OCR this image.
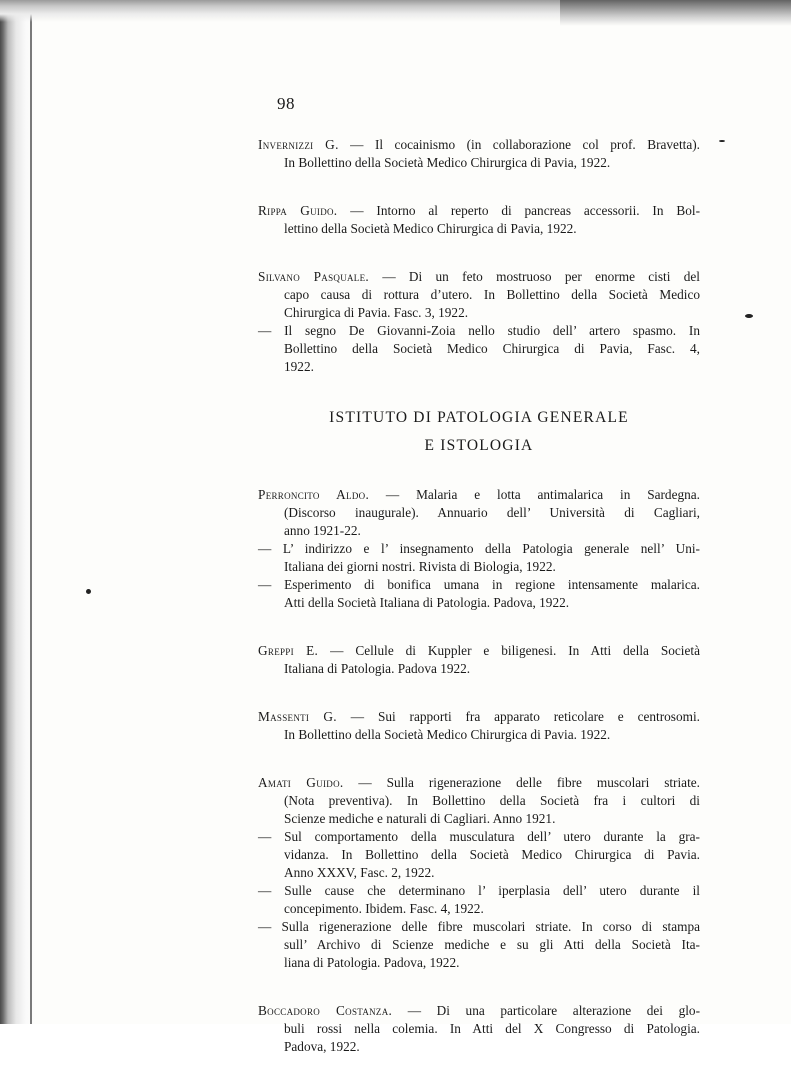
98
Invernizzi G. — Il cocainismo (in collaborazione col prof. Bravetta).
In Bollettino della Società Medico Chirurgica di Pavia, 1922.
Rippa Guido. — Intorno al reperto di pancreas accessorii. In Bol-
lettino della Società Medico Chirurgica di Pavia, 1922.
Silvano Pasquale. — Di un feto mostruoso per enorme cisti del
capo causa di rottura d’utero. In Bollettino della Società Medico
Chirurgica di Pavia. Fasc. 3, 1922.
— Il segno De Giovanni-Zoia nello studio dell’ artero spasmo. In
Bollettino della Società Medico Chirurgica di Pavia, Fasc. 4,
1922.
ISTITUTO DI PATOLOGIA GENERALE
E ISTOLOGIA
Perroncito Aldo. — Malaria e lotta antimalarica in Sardegna.
(Discorso inaugurale). Annuario dell’ Università di Cagliari,
anno 1921-22.
— L’ indirizzo e l’ insegnamento della Patologia generale nell’ Uni-
Italiana dei giorni nostri. Rivista di Biologia, 1922.
— Esperimento di bonifica umana in regione intensamente malarica.
Atti della Società Italiana di Patologia. Padova, 1922.
Greppi E. — Cellule di Kuppler e biligenesi. In Atti della Società
Italiana di Patologia. Padova 1922.
Massenti G. — Sui rapporti fra apparato reticolare e centrosomi.
In Bollettino della Società Medico Chirurgica di Pavia. 1922.
Amati Guido. — Sulla rigenerazione delle fibre muscolari striate.
(Nota preventiva). In Bollettino della Società fra i cultori di
Scienze mediche e naturali di Cagliari. Anno 1921.
— Sul comportamento della musculatura dell’ utero durante la gra-
vidanza. In Bollettino della Società Medico Chirurgica di Pavia.
Anno XXXV, Fasc. 2, 1922.
— Sulle cause che determinano l’ iperplasia dell’ utero durante il
concepimento. Ibidem. Fasc. 4, 1922.
— Sulla rigenerazione delle fibre muscolari striate. In corso di stampa
sull’ Archivo di Scienze mediche e su gli Atti della Società Ita-
liana di Patologia. Padova, 1922.
Boccadoro Costanza. — Di una particolare alterazione dei glo-
buli rossi nella colemia. In Atti del X Congresso di Patologia.
Padova, 1922.
